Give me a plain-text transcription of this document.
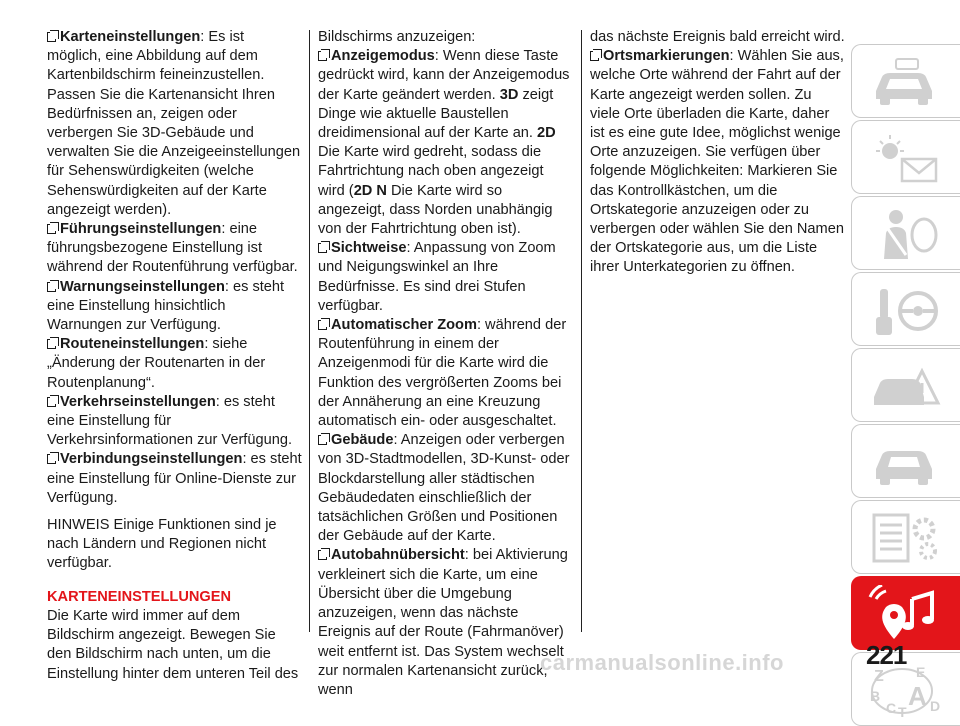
Karteneinstellungen: Es ist möglich, eine Abbildung auf dem Kartenbildschirm feineinzustellen. Passen Sie die Kartenansicht Ihren Bedürfnissen an, zeigen oder verbergen Sie 3D-Gebäude und verwalten Sie die Anzeigeeinstellungen für Sehenswürdigkeiten (welche Sehenswürdigkeiten auf der Karte angezeigt werden).

Führungseinstellungen: eine führungsbezogene Einstellung ist während der Routenführung verfügbar.

Warnungseinstellungen: es steht eine Einstellung hinsichtlich Warnungen zur Verfügung.

Routeneinstellungen: siehe „Änderung der Routenarten in der Routenplanung“.

Verkehrseinstellungen: es steht eine Einstellung für Verkehrsinformationen zur Verfügung.

Verbindungseinstellungen: es steht eine Einstellung für Online-Dienste zur Verfügung.

HINWEIS Einige Funktionen sind je nach Ländern und Regionen nicht verfügbar.

KARTENEINSTELLUNGEN

Die Karte wird immer auf dem Bildschirm angezeigt. Bewegen Sie den Bildschirm nach unten, um die Einstellung hinter dem unteren Teil des

Bildschirms anzuzeigen:

Anzeigemodus: Wenn diese Taste gedrückt wird, kann der Anzeigemodus der Karte geändert werden. 3D zeigt Dinge wie aktuelle Baustellen dreidimensional auf der Karte an. 2D Die Karte wird gedreht, sodass die Fahrtrichtung nach oben angezeigt wird (2D N Die Karte wird so angezeigt, dass Norden unabhängig von der Fahrtrichtung oben ist).

Sichtweise: Anpassung von Zoom und Neigungswinkel an Ihre Bedürfnisse. Es sind drei Stufen verfügbar.

Automatischer Zoom: während der Routenführung in einem der Anzeigenmodi für die Karte wird die Funktion des vergrößerten Zooms bei der Annäherung an eine Kreuzung automatisch ein- oder ausgeschaltet.

Gebäude: Anzeigen oder verbergen von 3D-Stadtmodellen, 3D-Kunst- oder Blockdarstellung aller städtischen Gebäudedaten einschließlich der tatsächlichen Größen und Positionen der Gebäude auf der Karte.

Autobahnübersicht: bei Aktivierung verkleinert sich die Karte, um eine Übersicht über die Umgebung anzuzeigen, wenn das nächste Ereignis auf der Route (Fahrmanöver) weit entfernt ist. Das System wechselt zur normalen Kartenansicht zurück, wenn

das nächste Ereignis bald erreicht wird.

Ortsmarkierungen: Wählen Sie aus, welche Orte während der Fahrt auf der Karte angezeigt werden sollen. Zu viele Orte überladen die Karte, daher ist es eine gute Idee, möglichst wenige Orte anzuzeigen. Sie verfügen über folgende Möglichkeiten: Markieren Sie das Kontrollkästchen, um die Ortskategorie anzuzeigen oder zu verbergen oder wählen Sie den Namen der Ortskategorie aus, um die Liste ihrer Unterkategorien zu öffnen.

Z E
B A
C T D
carmanualsonline.info	221
